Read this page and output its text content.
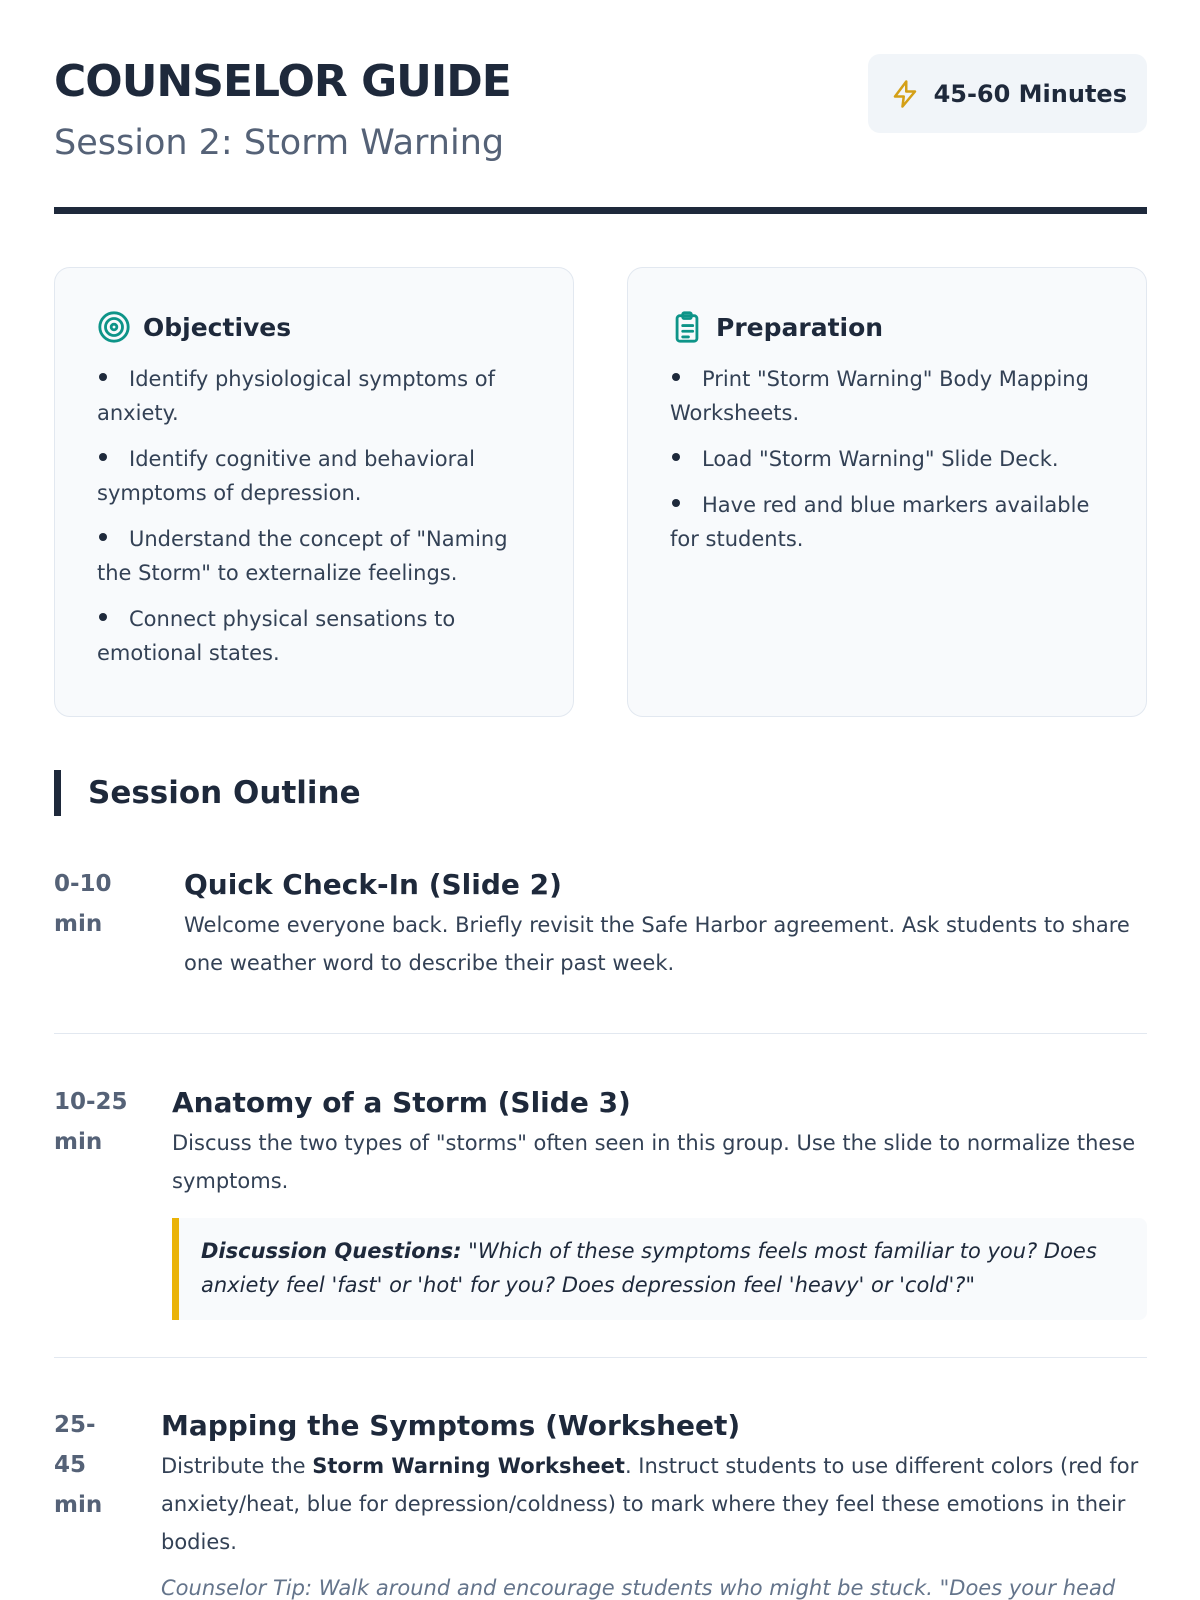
COUNSELOR GUIDE
Session 2: Storm Warning
45-60 Minutes
Objectives
Identify physiological symptoms of anxiety.
Identify cognitive and behavioral symptoms of depression.
Understand the concept of "Naming the Storm" to externalize feelings.
Connect physical sensations to emotional states.
Preparation
Print "Storm Warning" Body Mapping Worksheets.
Load "Storm Warning" Slide Deck.
Have red and blue markers available for students.
Session Outline
0-10 min
Quick Check-In (Slide 2)
Welcome everyone back. Briefly revisit the Safe Harbor agreement. Ask students to share one weather word to describe their past week.
10-25 min
Anatomy of a Storm (Slide 3)
Discuss the two types of "storms" often seen in this group. Use the slide to normalize these symptoms.
Discussion Questions: "Which of these symptoms feels most familiar to you? Does anxiety feel 'fast' or 'hot' for you? Does depression feel 'heavy' or 'cold'?"
25-45 min
Mapping the Symptoms (Worksheet)
Distribute the Storm Warning Worksheet. Instruct students to use different colors (red for anxiety/heat, blue for depression/coldness) to mark where they feel these emotions in their bodies.
Counselor Tip: Walk around and encourage students who might be stuck. "Does your head
